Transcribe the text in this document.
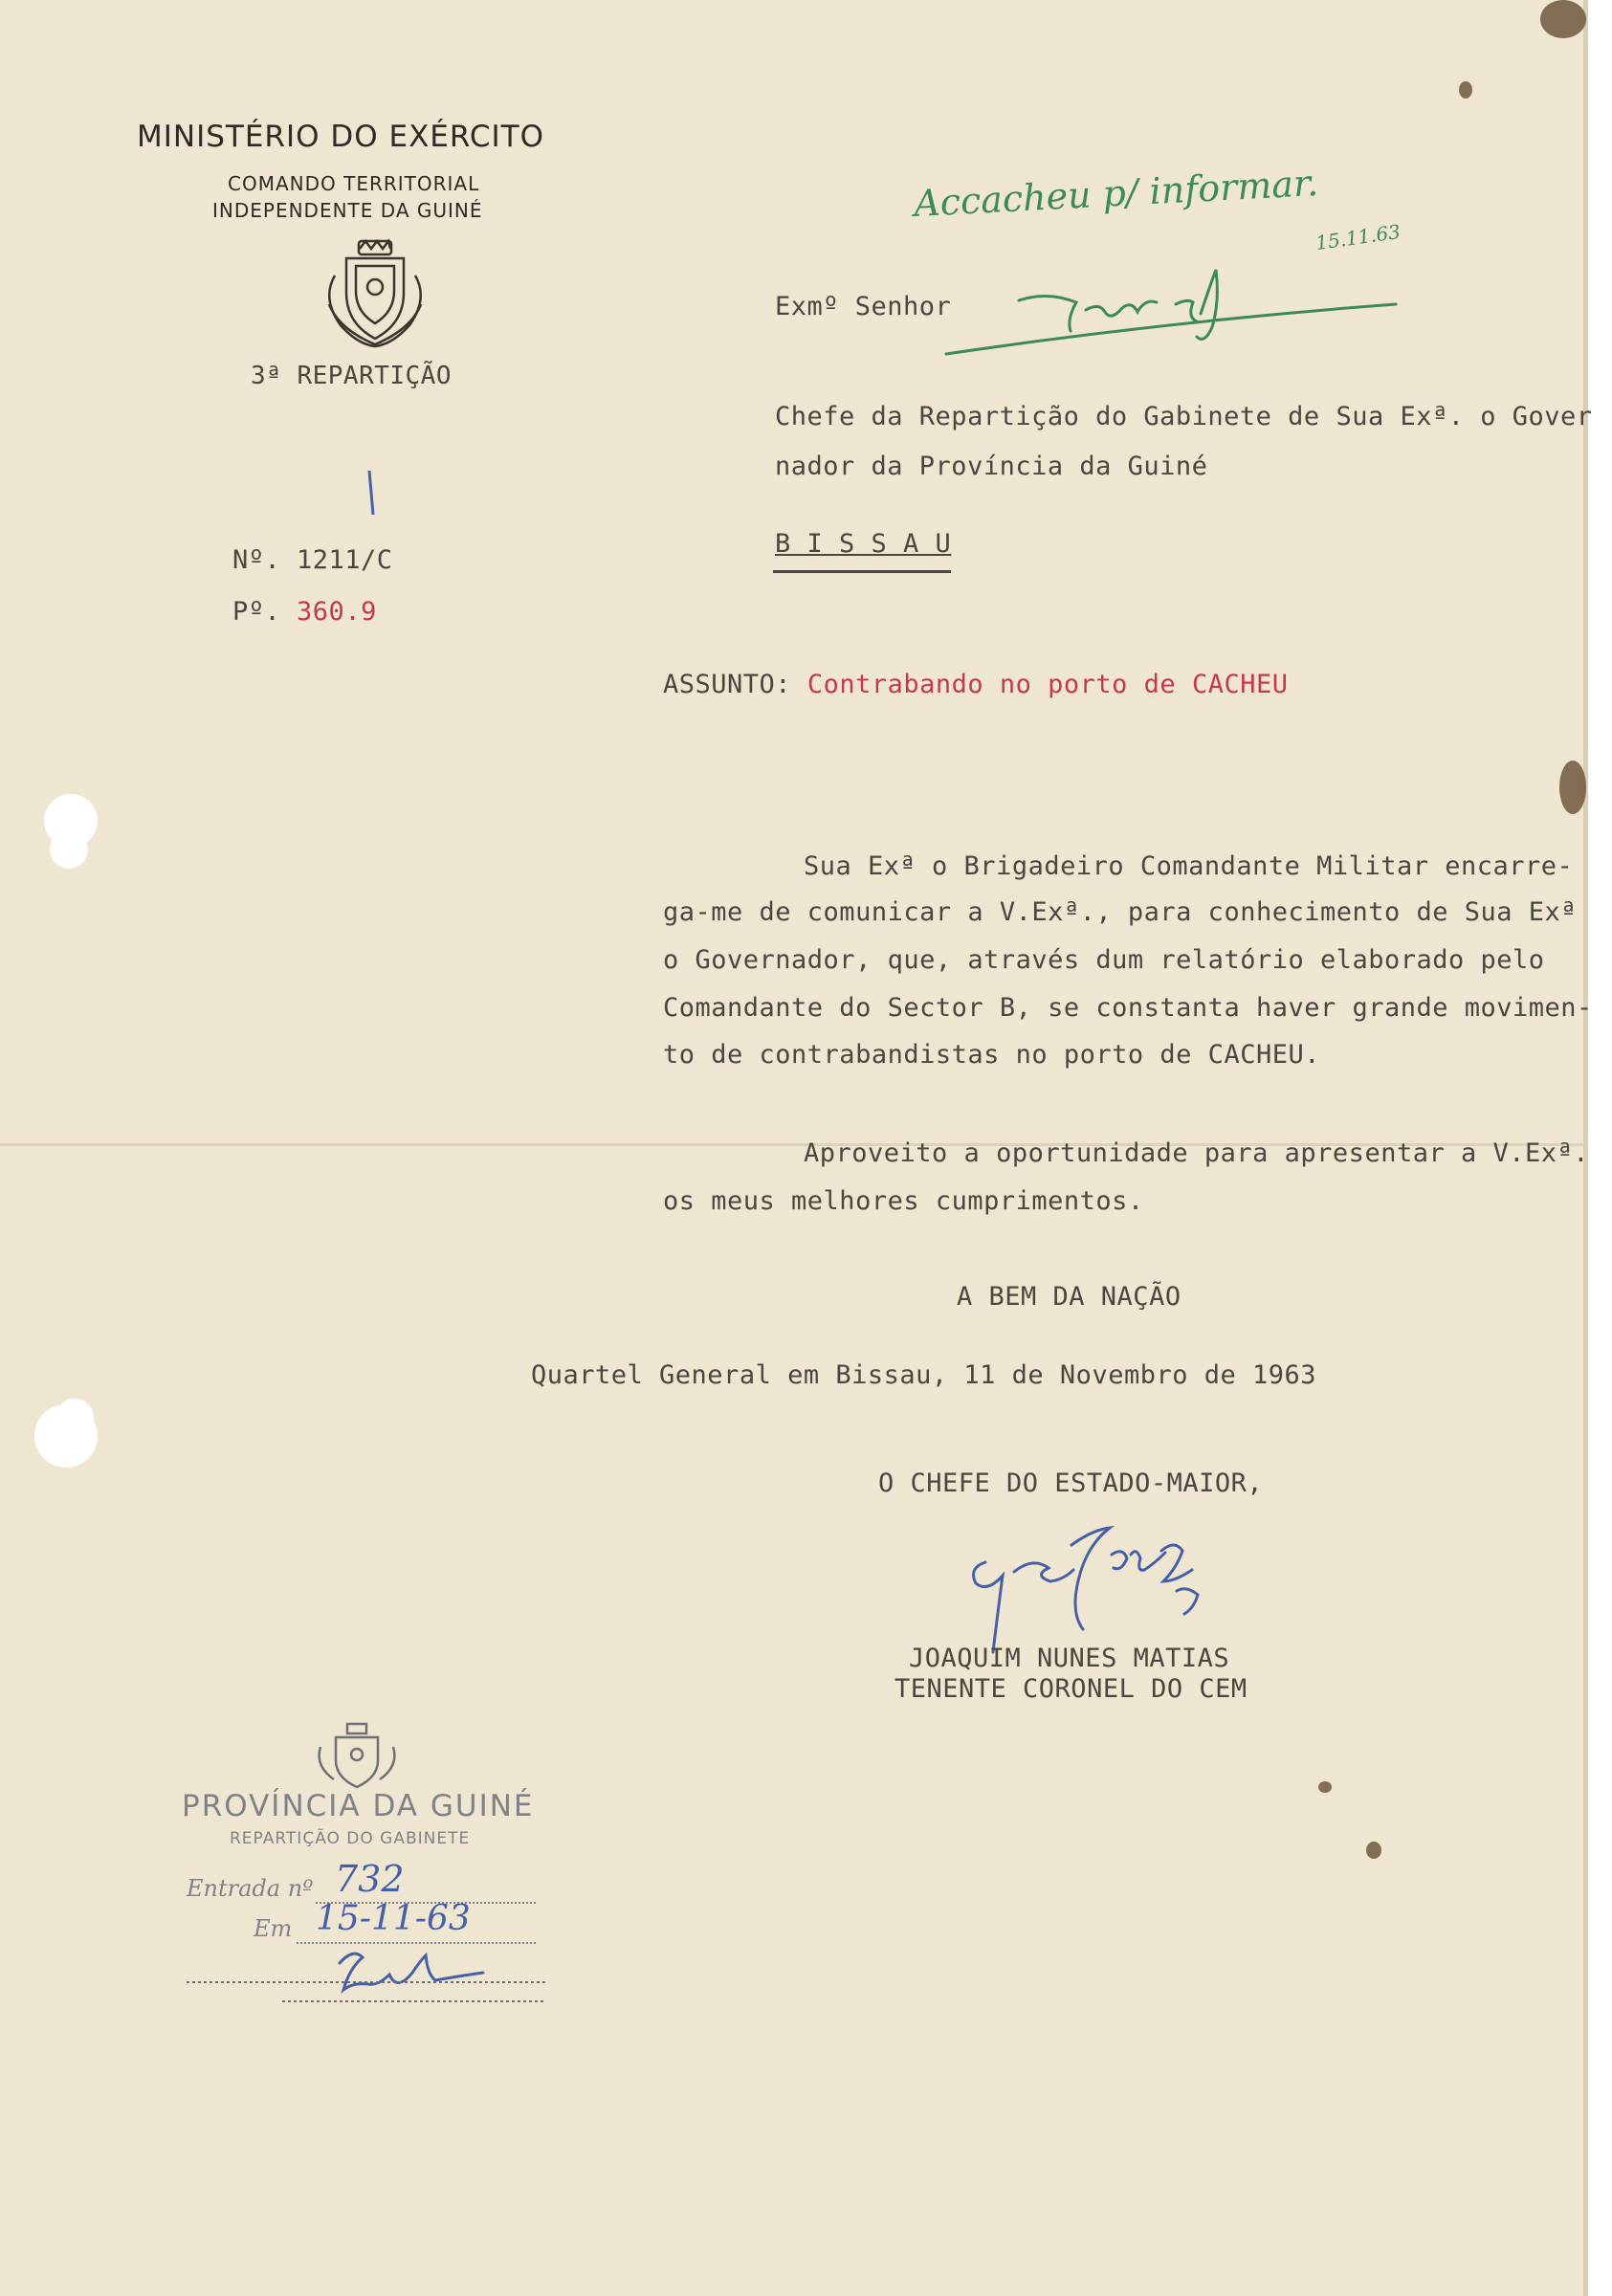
MINISTÉRIO DO EXÉRCITO
COMANDO TERRITORIAL
INDEPENDENTE DA GUINÉ
3ª REPARTIÇÃO
Nº. 1211/C
Pº. 360.9
Accacheu p/ informar.
15.11.63
Exmº Senhor
Chefe da Repartição do Gabinete de Sua Exª. o Gover
nador da Província da Guiné
B I S S A U
ASSUNTO: Contrabando no porto de CACHEU
Sua Exª o Brigadeiro Comandante Militar encarre-
ga-me de comunicar a V.Exª., para conhecimento de Sua Exª
o Governador, que, através dum relatório elaborado pelo
Comandante do Sector B, se constanta haver grande movimen-
to de contrabandistas no porto de CACHEU.
Aproveito a oportunidade para apresentar a V.Exª.
os meus melhores cumprimentos.
A BEM DA NAÇÃO
Quartel General em Bissau, 11 de Novembro de 1963
O CHEFE DO ESTADO-MAIOR,
JOAQUIM NUNES MATIAS
TENENTE CORONEL DO CEM
PROVÍNCIA DA GUINÉ
REPARTIÇÃO DO GABINETE
Entrada nº 732
Em 15-11-63
